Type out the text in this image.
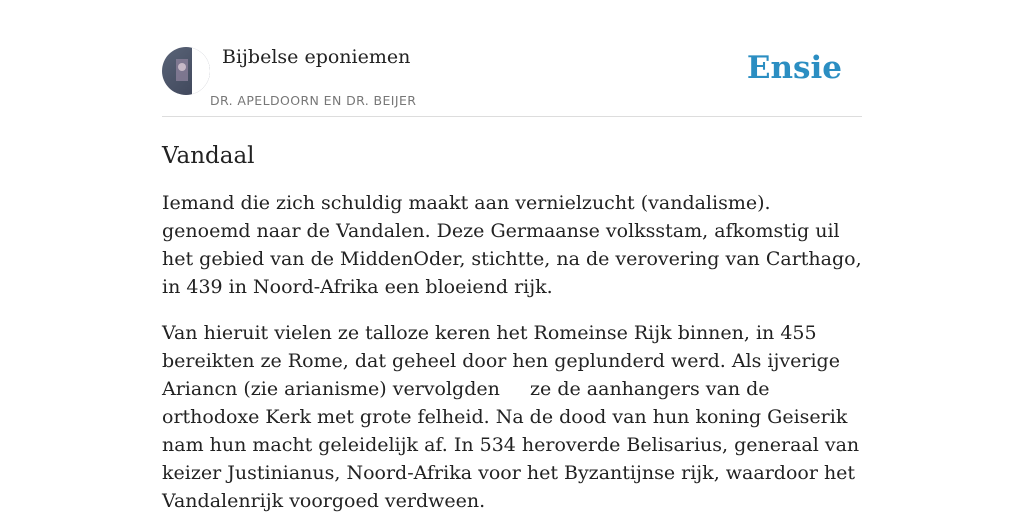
Bijbelse eponiemen
DR. APELDOORN EN DR. BEIJER
Ensie
Vandaal

Iemand die zich schuldig maakt aan vernielzucht (vandalisme). genoemd naar de Vandalen. Deze Germaanse volksstam, afkomstig uil het gebied van de MiddenOder, stichtte, na de verovering van Carthago, in 439 in Noord-Afrika een bloeiend rijk.

Van hieruit vielen ze talloze keren het Romeinse Rijk binnen, in 455 bereikten ze Rome, dat geheel door hen geplunderd werd. Als ijverige Ariancn (zie arianisme) vervolgden     ze de aanhangers van de orthodoxe Kerk met grote felheid. Na de dood van hun koning Geiserik nam hun macht geleidelijk af. In 534 heroverde Belisarius, generaal van keizer Justinianus, Noord-Afrika voor het Byzantijnse rijk, waardoor het Vandalenrijk voorgoed verdween.
